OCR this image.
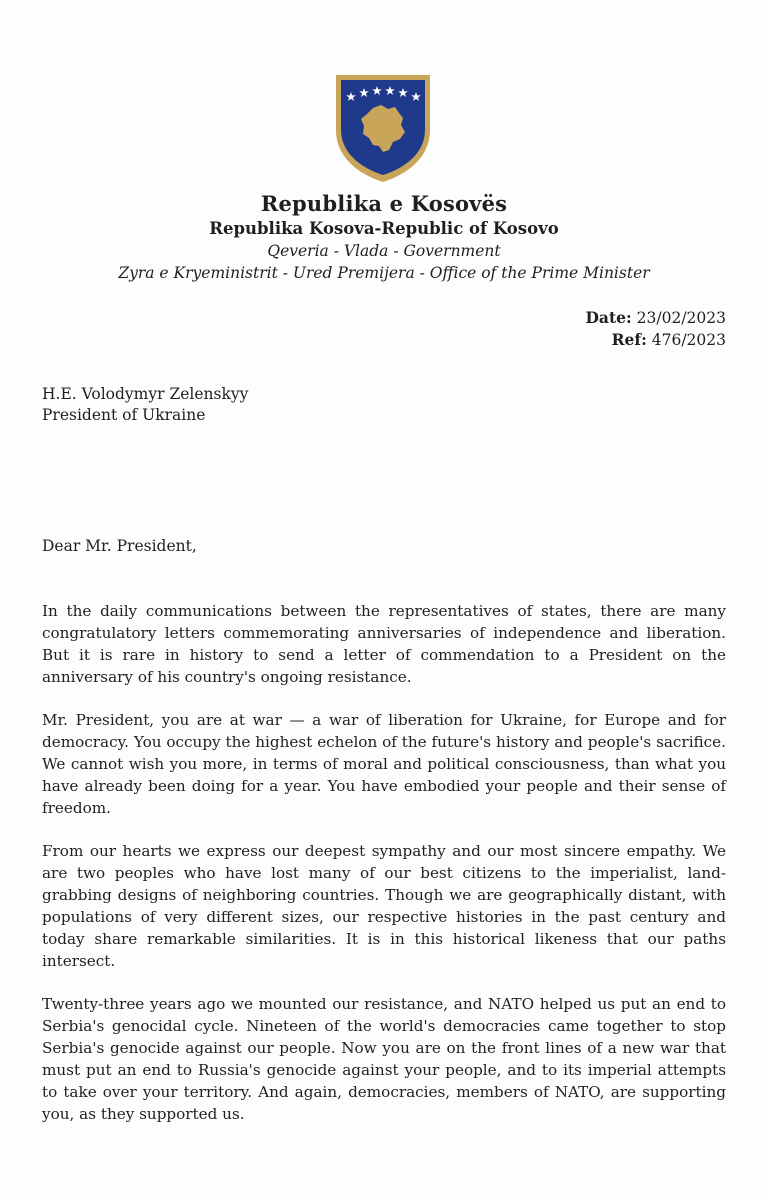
Republika e Kosovës
Republika Kosova-Republic of Kosovo
Qeveria - Vlada - Government
Zyra e Kryeministrit - Ured Premijera - Office of the Prime Minister
Date: 23/02/2023
Ref: 476/2023
H.E. Volodymyr Zelenskyy
President of Ukraine
Dear Mr. President,

In the daily communications between the representatives of states, there are many congratulatory letters commemorating anniversaries of independence and liberation. But it is rare in history to send a letter of commendation to a President on the anniversary of his country's ongoing resistance.

Mr. President, you are at war — a war of liberation for Ukraine, for Europe and for democracy. You occupy the highest echelon of the future's history and people's sacrifice. We cannot wish you more, in terms of moral and political consciousness, than what you have already been doing for a year. You have embodied your people and their sense of freedom.

From our hearts we express our deepest sympathy and our most sincere empathy. We are two peoples who have lost many of our best citizens to the imperialist, land-grabbing designs of neighboring countries. Though we are geographically distant, with populations of very different sizes, our respective histories in the past century and today share remarkable similarities. It is in this historical likeness that our paths intersect.

Twenty-three years ago we mounted our resistance, and NATO helped us put an end to Serbia's genocidal cycle. Nineteen of the world's democracies came together to stop Serbia's genocide against our people. Now you are on the front lines of a new war that must put an end to Russia's genocide against your people, and to its imperial attempts to take over your territory. And again, democracies, members of NATO, are supporting you, as they supported us.
